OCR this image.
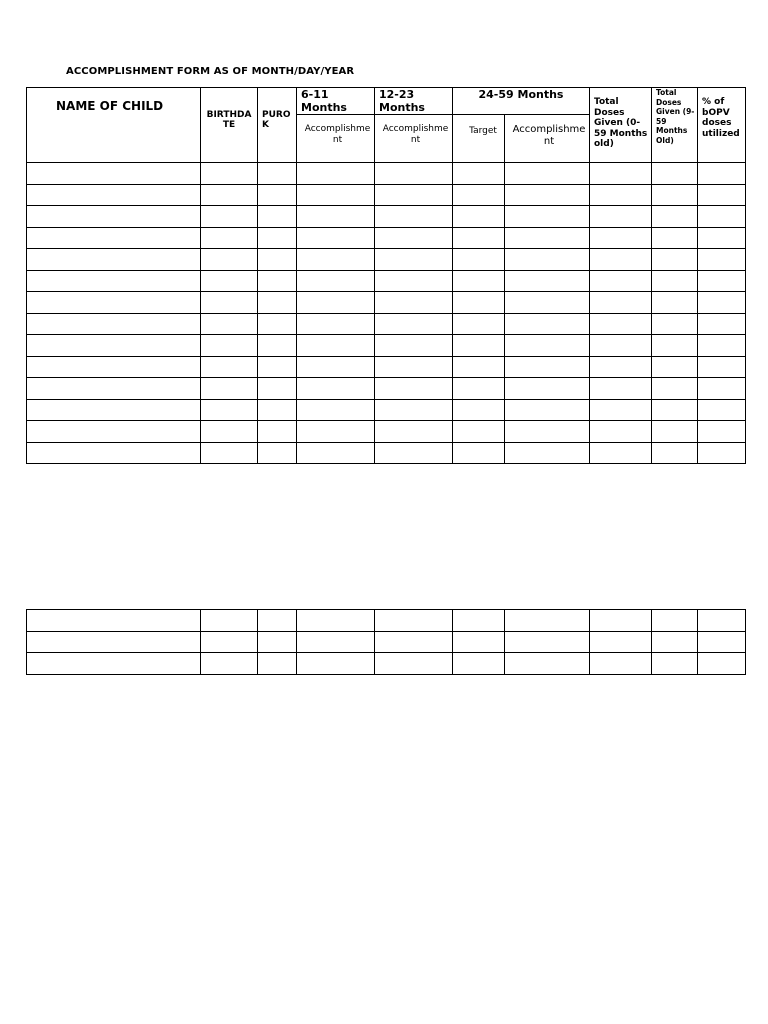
ACCOMPLISHMENT FORM AS OF MONTH/DAY/YEAR
NAME OF CHILD	BIRTHDA TE	PURO K	6-11 Months	12-23 Months	24-59 Months		Total Doses Given (0-59 Months old)	Total Doses Given (9- 59 Months Old)	% of bOPV doses utilized
			Accomplishme nt	Accomplishme nt	Target	Accomplishme nt			
